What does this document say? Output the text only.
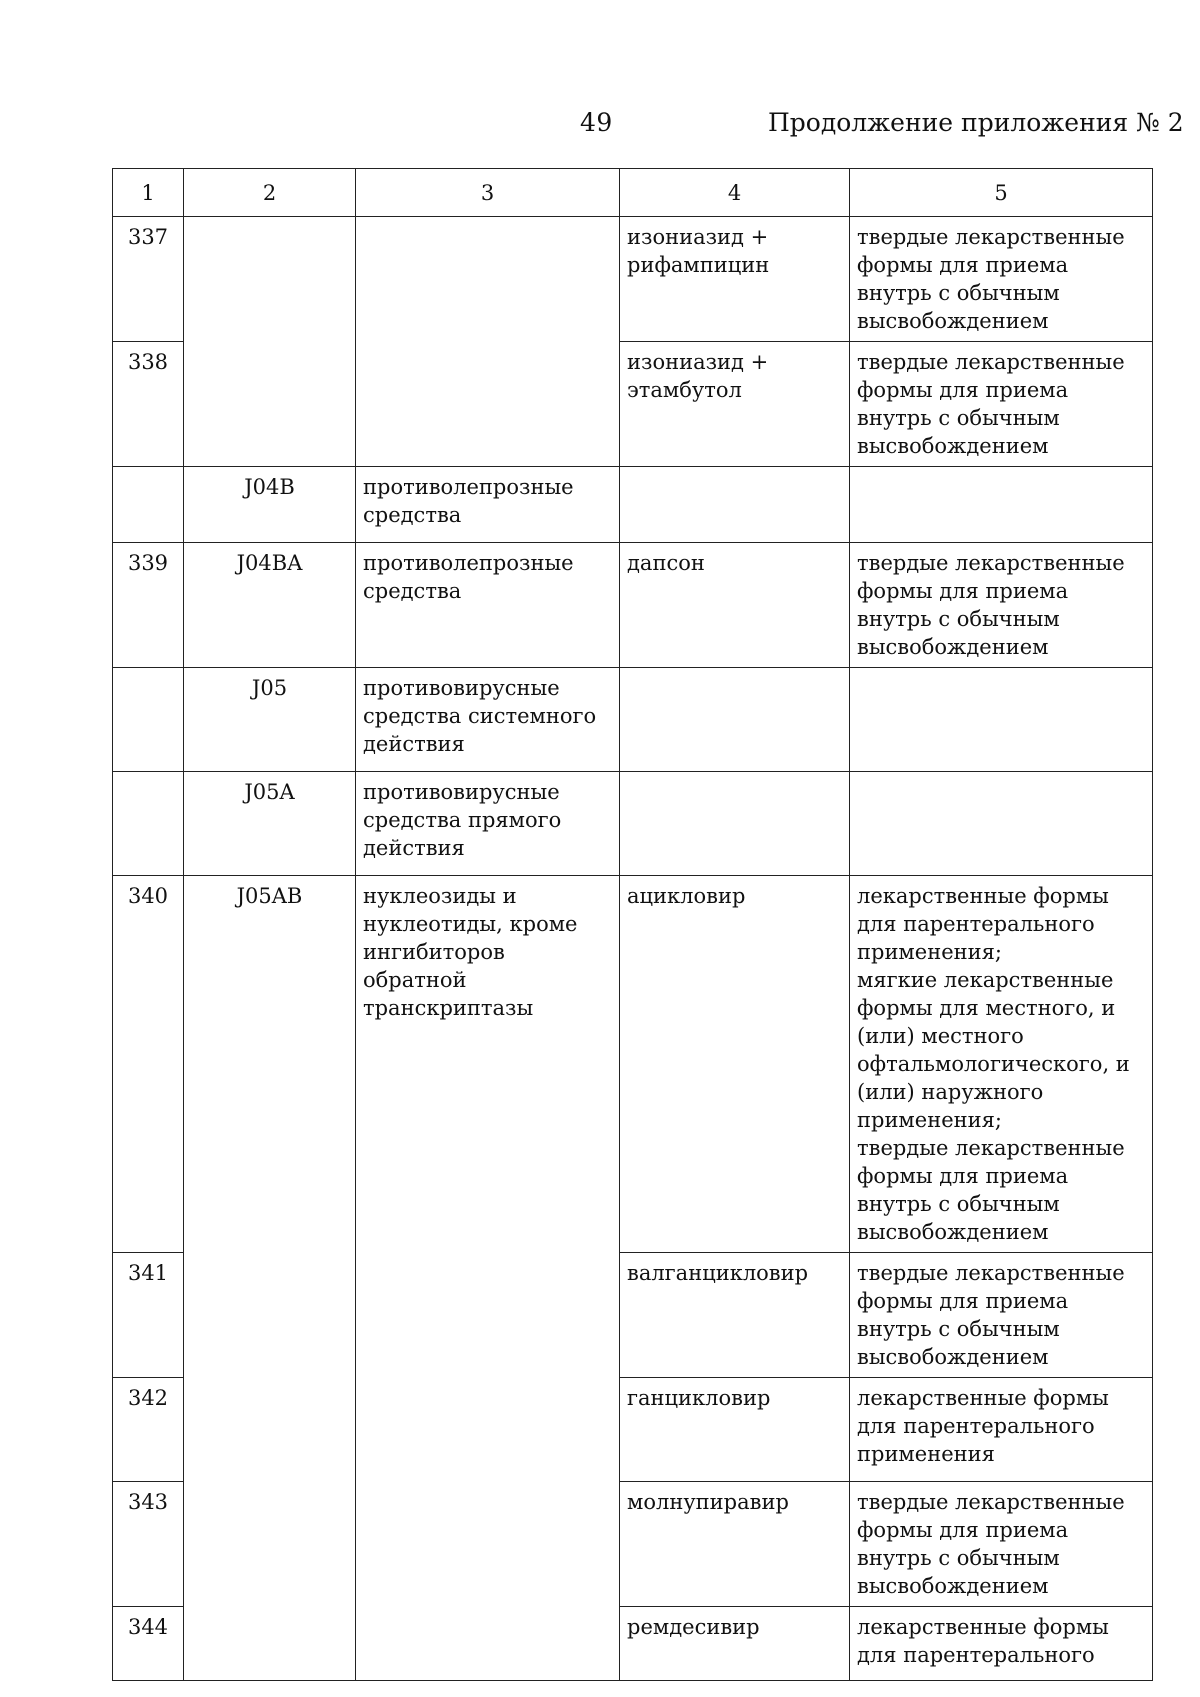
49	Продолжение приложения № 2
1	2	3	4	5
337			изониазид + рифампицин	твердые лекарственные формы для приема внутрь с обычным высвобождением
338			изониазид + этамбутол	твердые лекарственные формы для приема внутрь с обычным высвобождением
	J04B	противолепрозные средства		
339	J04BA	противолепрозные средства	дапсон	твердые лекарственные формы для приема внутрь с обычным высвобождением
	J05	противовирусные средства системного действия		
	J05A	противовирусные средства прямого действия		
340	J05AB	нуклеозиды и нуклеотиды, кроме ингибиторов обратной транскриптазы	ацикловир	лекарственные формы для парентерального применения;
мягкие лекарственные формы для местного, и (или) местного офтальмологического, и (или) наружного применения;
твердые лекарственные формы для приема внутрь с обычным высвобождением
341			валганцикловир	твердые лекарственные формы для приема внутрь с обычным высвобождением
342			ганцикловир	лекарственные формы для парентерального применения
343			молнупиравир	твердые лекарственные формы для приема внутрь с обычным высвобождением
344			ремдесивир	лекарственные формы для парентерального
